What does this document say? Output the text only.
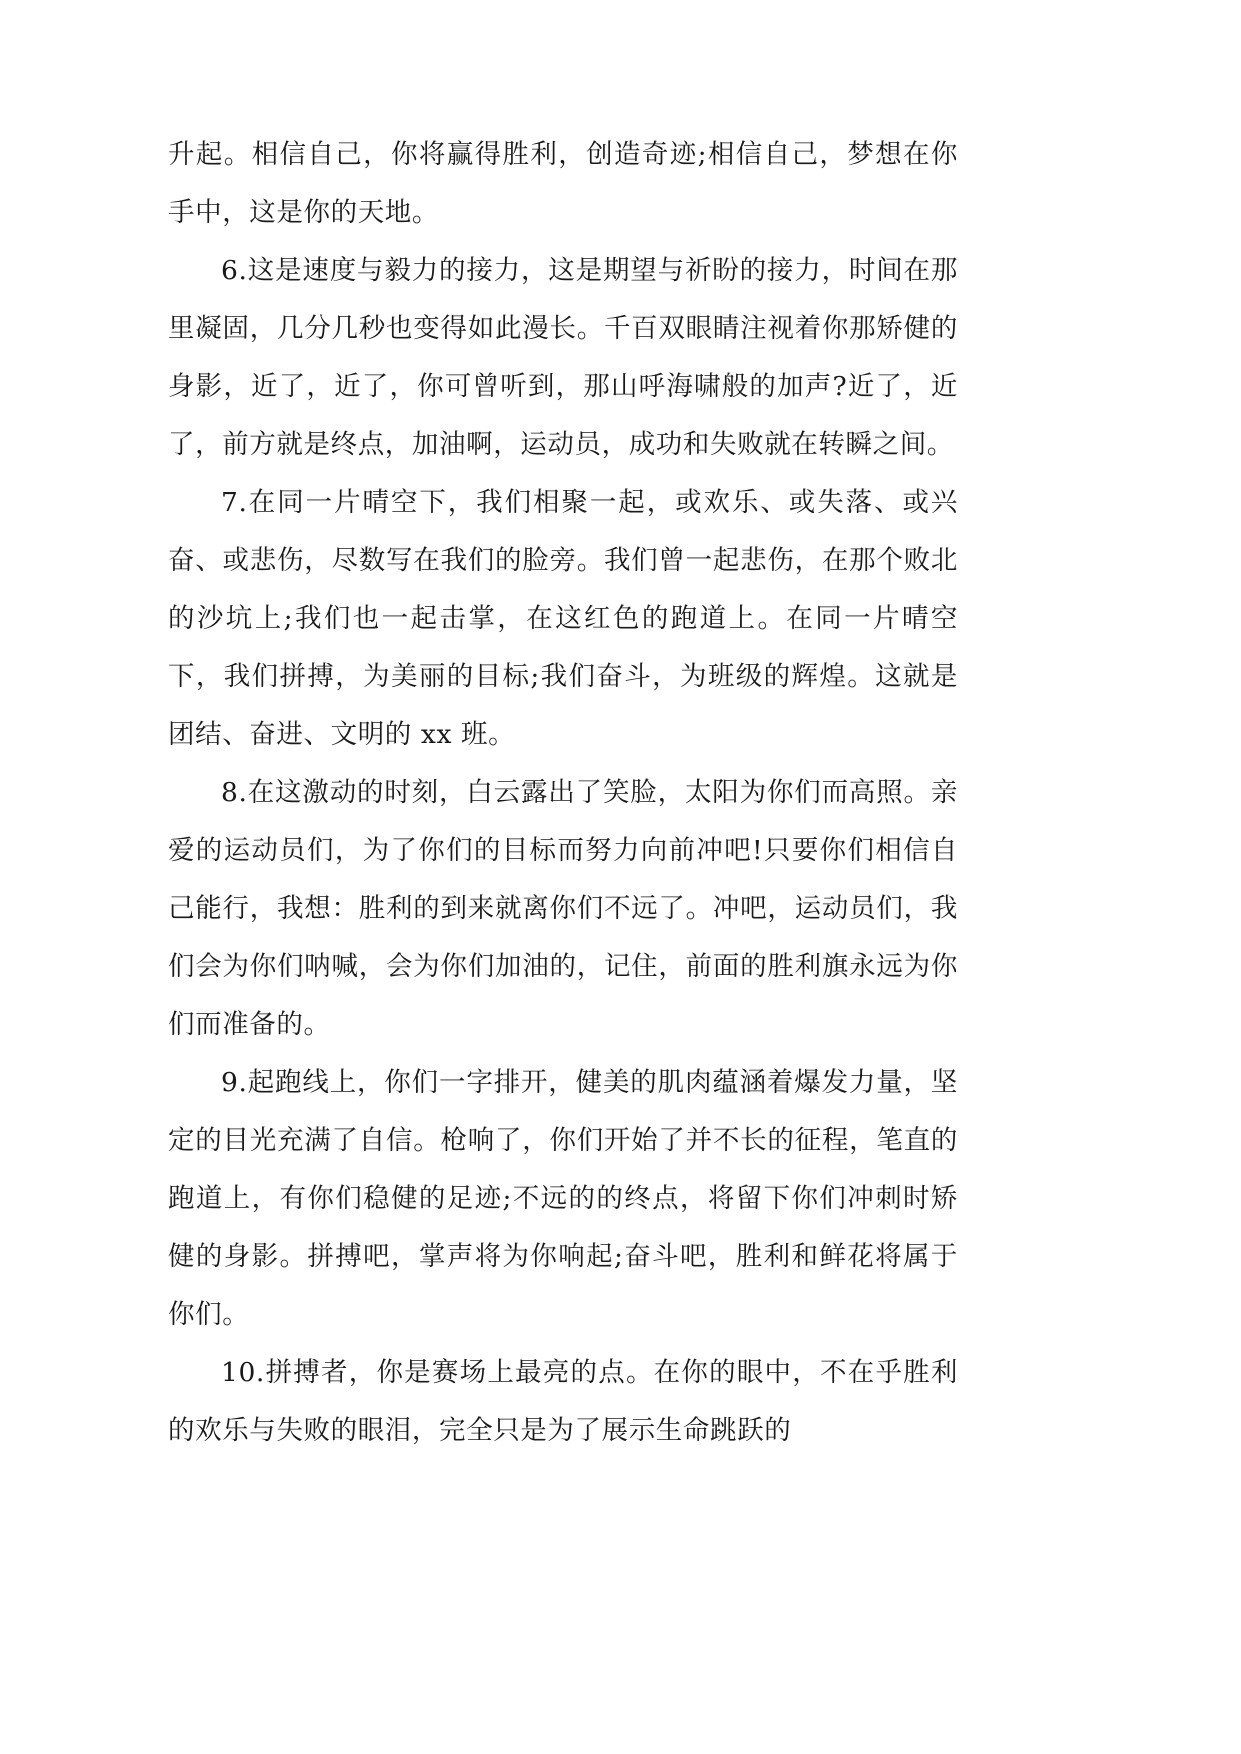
升起。相信自己，你将赢得胜利，创造奇迹;相信自己，梦想在你手中，这是你的天地。

6.这是速度与毅力的接力，这是期望与祈盼的接力，时间在那里凝固，几分几秒也变得如此漫长。千百双眼睛注视着你那矫健的身影，近了，近了，你可曾听到，那山呼海啸般的加声?近了，近了，前方就是终点，加油啊，运动员，成功和失败就在转瞬之间。

7.在同一片晴空下，我们相聚一起，或欢乐、或失落、或兴奋、或悲伤，尽数写在我们的脸旁。我们曾一起悲伤，在那个败北的沙坑上;我们也一起击掌，在这红色的跑道上。在同一片晴空下，我们拼搏，为美丽的目标;我们奋斗，为班级的辉煌。这就是团结、奋进、文明的 xx 班。

8.在这激动的时刻，白云露出了笑脸，太阳为你们而高照。亲爱的运动员们，为了你们的目标而努力向前冲吧!只要你们相信自己能行，我想：胜利的到来就离你们不远了。冲吧，运动员们，我们会为你们呐喊，会为你们加油的，记住，前面的胜利旗永远为你们而准备的。

9.起跑线上，你们一字排开，健美的肌肉蕴涵着爆发力量，坚定的目光充满了自信。枪响了，你们开始了并不长的征程，笔直的跑道上，有你们稳健的足迹;不远的的终点，将留下你们冲刺时矫健的身影。拼搏吧，掌声将为你响起;奋斗吧，胜利和鲜花将属于你们。

10.拼搏者，你是赛场上最亮的点。在你的眼中，不在乎胜利的欢乐与失败的眼泪，完全只是为了展示生命跳跃的
